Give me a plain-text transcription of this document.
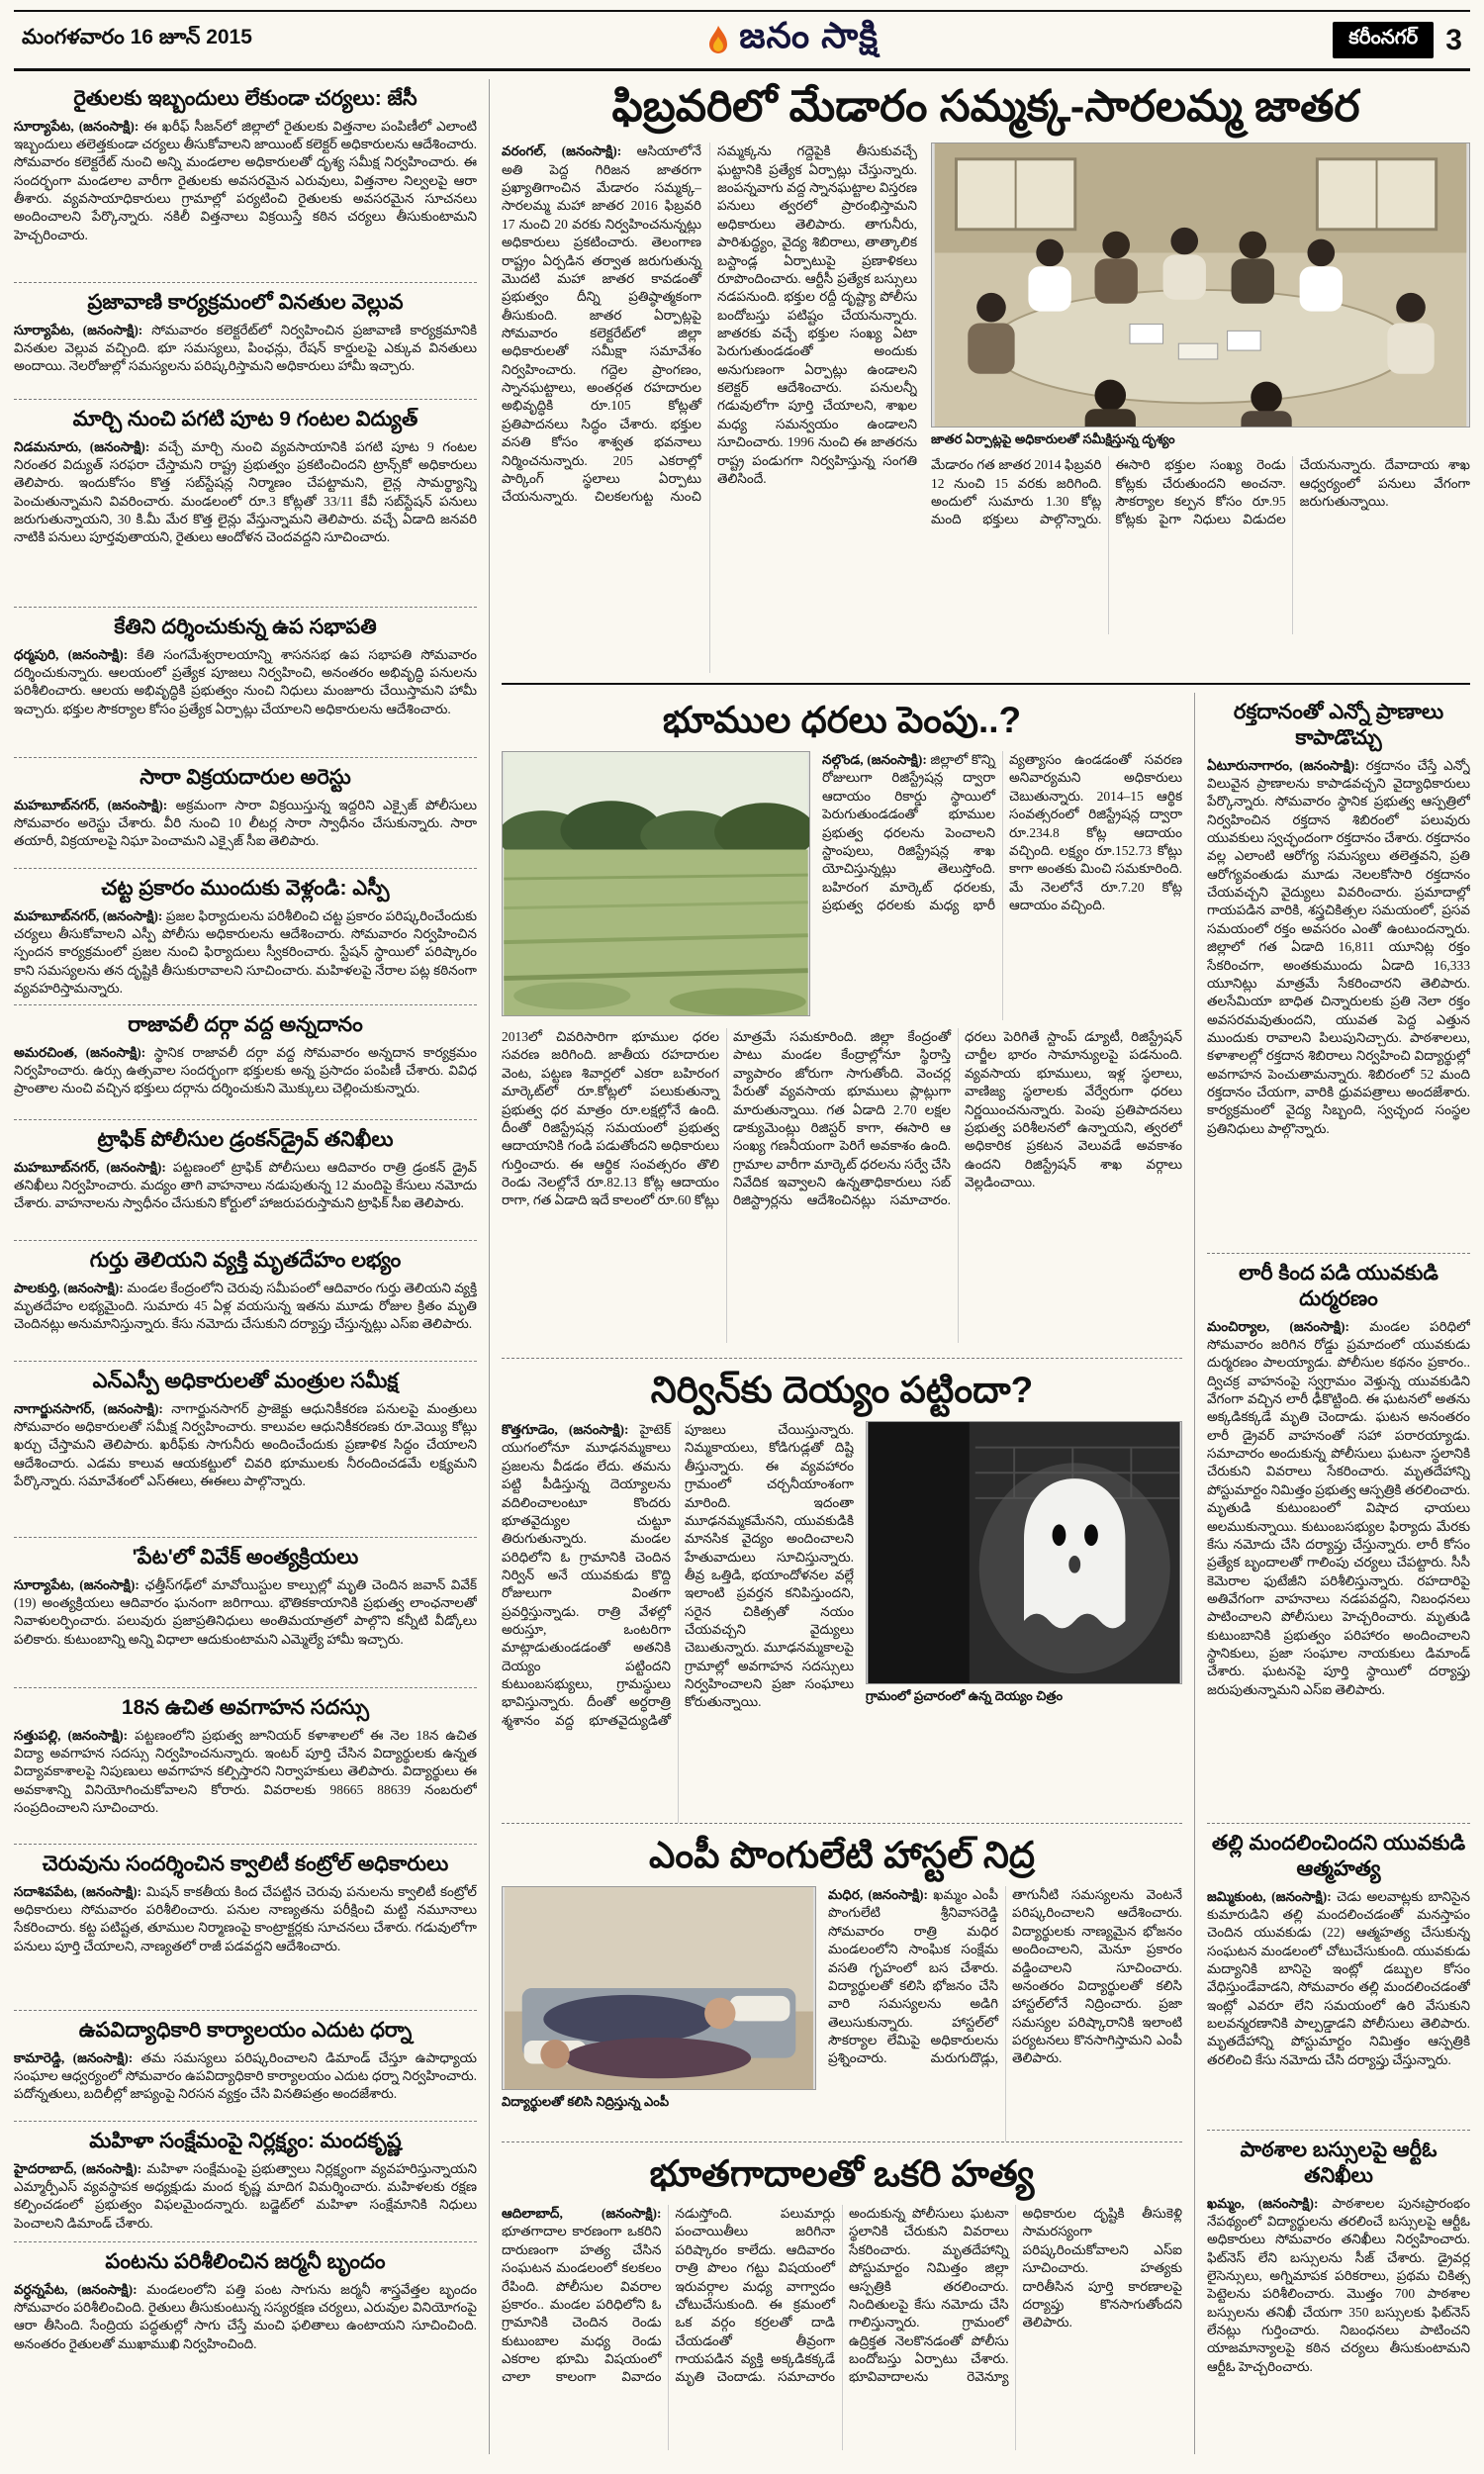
మంగళవారం 16 జూన్ 2015	జనం సాక్షి	కరీంనగర్ 3
రైతులకు ఇబ్బందులు లేకుండా చర్యలు: జేసీ

సూర్యాపేట, (జనంసాక్షి): ఈ ఖరీఫ్ సీజన్‌లో జిల్లాలో రైతులకు విత్తనాల పంపిణీలో ఎలాంటి ఇబ్బందులు తలెత్తకుండా చర్యలు తీసుకోవాలని జాయింట్ కలెక్టర్ అధికారులను ఆదేశించారు. సోమవారం కలెక్టరేట్ నుంచి అన్ని మండలాల అధికారులతో దృశ్య సమీక్ష నిర్వహించారు. ఈ సందర్భంగా మండలాల వారీగా రైతులకు అవసరమైన ఎరువులు, విత్తనాల నిల్వలపై ఆరా తీశారు. వ్యవసాయాధికారులు గ్రామాల్లో పర్యటించి రైతులకు అవసరమైన సూచనలు అందించాలని పేర్కొన్నారు. నకిలీ విత్తనాలు విక్రయిస్తే కఠిన చర్యలు తీసుకుంటామని హెచ్చరించారు.

ప్రజావాణి కార్యక్రమంలో వినతుల వెల్లువ

సూర్యాపేట, (జనంసాక్షి): సోమవారం కలెక్టరేట్‌లో నిర్వహించిన ప్రజావాణి కార్యక్రమానికి వినతుల వెల్లువ వచ్చింది. భూ సమస్యలు, పింఛన్లు, రేషన్ కార్డులపై ఎక్కువ వినతులు అందాయి. నెలరోజుల్లో సమస్యలను పరిష్కరిస్తామని అధికారులు హామీ ఇచ్చారు.

మార్చి నుంచి పగటి పూట 9 గంటల విద్యుత్

నిడమనూరు, (జనంసాక్షి): వచ్చే మార్చి నుంచి వ్యవసాయానికి పగటి పూట 9 గంటల నిరంతర విద్యుత్ సరఫరా చేస్తామని రాష్ట్ర ప్రభుత్వం ప్రకటించిందని ట్రాన్స్‌కో అధికారులు తెలిపారు. ఇందుకోసం కొత్త సబ్‌స్టేషన్ల నిర్మాణం చేపట్టామని, లైన్ల సామర్థ్యాన్ని పెంచుతున్నామని వివరించారు. మండలంలో రూ.3 కోట్లతో 33/11 కేవీ సబ్‌స్టేషన్ పనులు జరుగుతున్నాయని, 30 కి.మీ మేర కొత్త లైన్లు వేస్తున్నామని తెలిపారు. వచ్చే ఏడాది జనవరి నాటికి పనులు పూర్తవుతాయని, రైతులు ఆందోళన చెందవద్దని సూచించారు.

కేతిని దర్శించుకున్న ఉప సభాపతి

ధర్మపురి, (జనంసాక్షి): కేతి సంగమేశ్వరాలయాన్ని శాసనసభ ఉప సభాపతి సోమవారం దర్శించుకున్నారు. ఆలయంలో ప్రత్యేక పూజలు నిర్వహించి, అనంతరం అభివృద్ధి పనులను పరిశీలించారు. ఆలయ అభివృద్ధికి ప్రభుత్వం నుంచి నిధులు మంజూరు చేయిస్తామని హామీ ఇచ్చారు. భక్తుల సౌకర్యాల కోసం ప్రత్యేక ఏర్పాట్లు చేయాలని అధికారులను ఆదేశించారు.

సారా విక్రయదారుల అరెస్టు

మహబూబ్‌నగర్, (జనంసాక్షి): అక్రమంగా సారా విక్రయిస్తున్న ఇద్దరిని ఎక్సైజ్ పోలీసులు సోమవారం అరెస్టు చేశారు. వీరి నుంచి 10 లీటర్ల సారా స్వాధీనం చేసుకున్నారు. సారా తయారీ, విక్రయాలపై నిఘా పెంచామని ఎక్సైజ్ సీఐ తెలిపారు.

చట్ట ప్రకారం ముందుకు వెళ్లండి: ఎస్పీ

మహబూబ్‌నగర్, (జనంసాక్షి): ప్రజల ఫిర్యాదులను పరిశీలించి చట్ట ప్రకారం పరిష్కరించేందుకు చర్యలు తీసుకోవాలని ఎస్పీ పోలీసు అధికారులను ఆదేశించారు. సోమవారం నిర్వహించిన స్పందన కార్యక్రమంలో ప్రజల నుంచి ఫిర్యాదులు స్వీకరించారు. స్టేషన్ స్థాయిలో పరిష్కారం కాని సమస్యలను తన దృష్టికి తీసుకురావాలని సూచించారు. మహిళలపై నేరాల పట్ల కఠినంగా వ్యవహరిస్తామన్నారు.

రాజావలీ దర్గా వద్ద అన్నదానం

అమరచింత, (జనంసాక్షి): స్థానిక రాజావలీ దర్గా వద్ద సోమవారం అన్నదాన కార్యక్రమం నిర్వహించారు. ఉర్సు ఉత్సవాల సందర్భంగా భక్తులకు అన్న ప్రసాదం పంపిణీ చేశారు. వివిధ ప్రాంతాల నుంచి వచ్చిన భక్తులు దర్గాను దర్శించుకుని మొక్కులు చెల్లించుకున్నారు.

ట్రాఫిక్ పోలీసుల డ్రంకన్‌డ్రైవ్ తనిఖీలు

మహబూబ్‌నగర్, (జనంసాక్షి): పట్టణంలో ట్రాఫిక్ పోలీసులు ఆదివారం రాత్రి డ్రంకన్ డ్రైవ్ తనిఖీలు నిర్వహించారు. మద్యం తాగి వాహనాలు నడుపుతున్న 12 మందిపై కేసులు నమోదు చేశారు. వాహనాలను స్వాధీనం చేసుకుని కోర్టులో హాజరుపరుస్తామని ట్రాఫిక్ సీఐ తెలిపారు.

గుర్తు తెలియని వ్యక్తి మృతదేహం లభ్యం

పాలకుర్తి, (జనంసాక్షి): మండల కేంద్రంలోని చెరువు సమీపంలో ఆదివారం గుర్తు తెలియని వ్యక్తి మృతదేహం లభ్యమైంది. సుమారు 45 ఏళ్ల వయసున్న ఇతను మూడు రోజుల క్రితం మృతి చెందినట్లు అనుమానిస్తున్నారు. కేసు నమోదు చేసుకుని దర్యాప్తు చేస్తున్నట్లు ఎస్ఐ తెలిపారు.

ఎన్ఎస్పీ అధికారులతో మంత్రుల సమీక్ష

నాగార్జునసాగర్, (జనంసాక్షి): నాగార్జునసాగర్ ప్రాజెక్టు ఆధునికీకరణ పనులపై మంత్రులు సోమవారం అధికారులతో సమీక్ష నిర్వహించారు. కాలువల ఆధునికీకరణకు రూ.వెయ్యి కోట్లు ఖర్చు చేస్తామని తెలిపారు. ఖరీఫ్‌కు సాగునీరు అందించేందుకు ప్రణాళిక సిద్ధం చేయాలని ఆదేశించారు. ఎడమ కాలువ ఆయకట్టులో చివరి భూములకు నీరందించడమే లక్ష్యమని పేర్కొన్నారు. సమావేశంలో ఎస్ఈలు, ఈఈలు పాల్గొన్నారు.

'పేట'లో వివేక్ అంత్యక్రియలు

సూర్యాపేట, (జనంసాక్షి): ఛత్తీస్‌గఢ్‌లో మావోయిస్టుల కాల్పుల్లో మృతి చెందిన జవాన్ వివేక్ (19) అంత్యక్రియలు ఆదివారం ఘనంగా జరిగాయి. భౌతికకాయానికి ప్రభుత్వ లాంఛనాలతో నివాళులర్పించారు. పలువురు ప్రజాప్రతినిధులు అంతిమయాత్రలో పాల్గొని కన్నీటి వీడ్కోలు పలికారు. కుటుంబాన్ని అన్ని విధాలా ఆదుకుంటామని ఎమ్మెల్యే హామీ ఇచ్చారు.

18న ఉచిత అవగాహన సదస్సు

సత్తుపల్లి, (జనంసాక్షి): పట్టణంలోని ప్రభుత్వ జూనియర్ కళాశాలలో ఈ నెల 18న ఉచిత విద్యా అవగాహన సదస్సు నిర్వహించనున్నారు. ఇంటర్ పూర్తి చేసిన విద్యార్థులకు ఉన్నత విద్యావకాశాలపై నిపుణులు అవగాహన కల్పిస్తారని నిర్వాహకులు తెలిపారు. విద్యార్థులు ఈ అవకాశాన్ని వినియోగించుకోవాలని కోరారు. వివరాలకు 98665 88639 నంబరులో సంప్రదించాలని సూచించారు.

చెరువును సందర్శించిన క్వాలిటీ కంట్రోల్ అధికారులు

సదాశివపేట, (జనంసాక్షి): మిషన్ కాకతీయ కింద చేపట్టిన చెరువు పనులను క్వాలిటీ కంట్రోల్ అధికారులు సోమవారం పరిశీలించారు. పనుల నాణ్యతను పరీక్షించి మట్టి నమూనాలు సేకరించారు. కట్ట పటిష్టత, తూముల నిర్మాణంపై కాంట్రాక్టర్లకు సూచనలు చేశారు. గడువులోగా పనులు పూర్తి చేయాలని, నాణ్యతలో రాజీ పడవద్దని ఆదేశించారు.

ఉపవిద్యాధికారి కార్యాలయం ఎదుట ధర్నా

కామారెడ్డి, (జనంసాక్షి): తమ సమస్యలు పరిష్కరించాలని డిమాండ్ చేస్తూ ఉపాధ్యాయ సంఘాల ఆధ్వర్యంలో సోమవారం ఉపవిద్యాధికారి కార్యాలయం ఎదుట ధర్నా నిర్వహించారు. పదోన్నతులు, బదిలీల్లో జాప్యంపై నిరసన వ్యక్తం చేసి వినతిపత్రం అందజేశారు.

మహిళా సంక్షేమంపై నిర్లక్ష్యం: మందకృష్ణ

హైదరాబాద్, (జనంసాక్షి): మహిళా సంక్షేమంపై ప్రభుత్వాలు నిర్లక్ష్యంగా వ్యవహరిస్తున్నాయని ఎమ్మార్పీఎస్ వ్యవస్థాపక అధ్యక్షుడు మంద కృష్ణ మాదిగ విమర్శించారు. మహిళలకు రక్షణ కల్పించడంలో ప్రభుత్వం విఫలమైందన్నారు. బడ్జెట్‌లో మహిళా సంక్షేమానికి నిధులు పెంచాలని డిమాండ్ చేశారు.

పంటను పరిశీలించిన జర్మనీ బృందం

వర్ధన్నపేట, (జనంసాక్షి): మండలంలోని పత్తి పంట సాగును జర్మనీ శాస్త్రవేత్తల బృందం సోమవారం పరిశీలించింది. రైతులు తీసుకుంటున్న సస్యరక్షణ చర్యలు, ఎరువుల వినియోగంపై ఆరా తీసింది. సేంద్రియ పద్ధతుల్లో సాగు చేస్తే మంచి ఫలితాలు ఉంటాయని సూచించింది. అనంతరం రైతులతో ముఖాముఖి నిర్వహించింది.

ఫిబ్రవరిలో మేడారం సమ్మక్క-సారలమ్మ జాతర

వరంగల్, (జనంసాక్షి): ఆసియాలోనే అతి పెద్ద గిరిజన జాతరగా ప్రఖ్యాతిగాంచిన మేడారం సమ్మక్క–సారలమ్మ మహా జాతర 2016 ఫిబ్రవరి 17 నుంచి 20 వరకు నిర్వహించనున్నట్లు అధికారులు ప్రకటించారు. తెలంగాణ రాష్ట్రం ఏర్పడిన తర్వాత జరుగుతున్న మొదటి మహా జాతర కావడంతో ప్రభుత్వం దీన్ని ప్రతిష్ఠాత్మకంగా తీసుకుంది. జాతర ఏర్పాట్లపై సోమవారం కలెక్టరేట్‌లో జిల్లా అధికారులతో సమీక్షా సమావేశం నిర్వహించారు. గద్దెల ప్రాంగణం, స్నానఘట్టాలు, అంతర్గత రహదారుల అభివృద్ధికి రూ.105 కోట్లతో ప్రతిపాదనలు సిద్ధం చేశారు. భక్తుల వసతి కోసం శాశ్వత భవనాలు నిర్మించనున్నారు. 205 ఎకరాల్లో పార్కింగ్ స్థలాలు ఏర్పాటు చేయనున్నారు. చిలకలగుట్ట నుంచి సమ్మక్కను గద్దెపైకి తీసుకువచ్చే ఘట్టానికి ప్రత్యేక ఏర్పాట్లు చేస్తున్నారు. జంపన్నవాగు వద్ద స్నానఘట్టాల విస్తరణ పనులు త్వరలో ప్రారంభిస్తామని అధికారులు తెలిపారు. తాగునీరు, పారిశుద్ధ్యం, వైద్య శిబిరాలు, తాత్కాలిక బస్టాండ్ల ఏర్పాటుపై ప్రణాళికలు రూపొందించారు. ఆర్టీసీ ప్రత్యేక బస్సులు నడపనుంది. భక్తుల రద్దీ దృష్ట్యా పోలీసు బందోబస్తు పటిష్టం చేయనున్నారు. జాతరకు వచ్చే భక్తుల సంఖ్య ఏటా పెరుగుతుండడంతో అందుకు అనుగుణంగా ఏర్పాట్లు ఉండాలని కలెక్టర్ ఆదేశించారు. పనులన్నీ గడువులోగా పూర్తి చేయాలని, శాఖల మధ్య సమన్వయం ఉండాలని సూచించారు. 1996 నుంచి ఈ జాతరను రాష్ట్ర పండుగగా నిర్వహిస్తున్న సంగతి తెలిసిందే.

జాతర ఏర్పాట్లపై అధికారులతో సమీక్షిస్తున్న దృశ్యం
మేడారం గత జాతర 2014 ఫిబ్రవరి 12 నుంచి 15 వరకు జరిగింది. అందులో సుమారు 1.30 కోట్ల మంది భక్తులు పాల్గొన్నారు. ఈసారి భక్తుల సంఖ్య రెండు కోట్లకు చేరుతుందని అంచనా. సౌకర్యాల కల్పన కోసం రూ.95 కోట్లకు పైగా నిధులు విడుదల చేయనున్నారు. దేవాదాయ శాఖ ఆధ్వర్యంలో పనులు వేగంగా జరుగుతున్నాయి.
భూముల ధరలు పెంపు..?

నల్గొండ, (జనంసాక్షి): జిల్లాలో కొన్ని రోజులుగా రిజిస్ట్రేషన్ల ద్వారా ఆదాయం రికార్డు స్థాయిలో పెరుగుతుండడంతో భూముల ప్రభుత్వ ధరలను పెంచాలని స్టాంపులు, రిజిస్ట్రేషన్ల శాఖ యోచిస్తున్నట్లు తెలుస్తోంది. బహిరంగ మార్కెట్ ధరలకు, ప్రభుత్వ ధరలకు మధ్య భారీ వ్యత్యాసం ఉండడంతో సవరణ అనివార్యమని అధికారులు చెబుతున్నారు. 2014–15 ఆర్థిక సంవత్సరంలో రిజిస్ట్రేషన్ల ద్వారా రూ.234.8 కోట్ల ఆదాయం వచ్చింది. లక్ష్యం రూ.152.73 కోట్లు కాగా అంతకు మించి సమకూరింది. మే నెలలోనే రూ.7.20 కోట్ల ఆదాయం వచ్చింది.

2013లో చివరిసారిగా భూముల ధరల సవరణ జరిగింది. జాతీయ రహదారుల వెంట, పట్టణ శివార్లలో ఎకరా బహిరంగ మార్కెట్‌లో రూ.కోట్లలో పలుకుతున్నా ప్రభుత్వ ధర మాత్రం రూ.లక్షల్లోనే ఉంది. దీంతో రిజిస్ట్రేషన్ల సమయంలో ప్రభుత్వ ఆదాయానికి గండి పడుతోందని అధికారులు గుర్తించారు. ఈ ఆర్థిక సంవత్సరం తొలి రెండు నెలల్లోనే రూ.82.13 కోట్ల ఆదాయం రాగా, గత ఏడాది ఇదే కాలంలో రూ.60 కోట్లు మాత్రమే సమకూరింది. జిల్లా కేంద్రంతో పాటు మండల కేంద్రాల్లోనూ స్థిరాస్తి వ్యాపారం జోరుగా సాగుతోంది. వెంచర్ల పేరుతో వ్యవసాయ భూములు ప్లాట్లుగా మారుతున్నాయి. గత ఏడాది 2.70 లక్షల డాక్యుమెంట్లు రిజిస్టర్ కాగా, ఈసారి ఆ సంఖ్య గణనీయంగా పెరిగే అవకాశం ఉంది. గ్రామాల వారీగా మార్కెట్ ధరలను సర్వే చేసి నివేదిక ఇవ్వాలని ఉన్నతాధికారులు సబ్ రిజిస్ట్రార్లను ఆదేశించినట్లు సమాచారం. ధరలు పెరిగితే స్టాంప్ డ్యూటీ, రిజిస్ట్రేషన్ చార్జీల భారం సామాన్యులపై పడనుంది. వ్యవసాయ భూములు, ఇళ్ల స్థలాలు, వాణిజ్య స్థలాలకు వేర్వేరుగా ధరలు నిర్ణయించనున్నారు. పెంపు ప్రతిపాదనలు ప్రభుత్వ పరిశీలనలో ఉన్నాయని, త్వరలో అధికారిక ప్రకటన వెలువడే అవకాశం ఉందని రిజిస్ట్రేషన్ శాఖ వర్గాలు వెల్లడించాయి.
నిర్విన్‌కు దెయ్యం పట్టిందా?

కొత్తగూడెం, (జనంసాక్షి): హైటెక్ యుగంలోనూ మూఢనమ్మకాలు ప్రజలను వీడడం లేదు. తమను పట్టి పీడిస్తున్న దెయ్యాలను వదిలించాలంటూ కొందరు భూతవైద్యుల చుట్టూ తిరుగుతున్నారు. మండల పరిధిలోని ఓ గ్రామానికి చెందిన నిర్విన్ అనే యువకుడు కొద్ది రోజులుగా వింతగా ప్రవర్తిస్తున్నాడు. రాత్రి వేళల్లో అరుస్తూ, ఒంటరిగా మాట్లాడుతుండడంతో అతనికి దెయ్యం పట్టిందని కుటుంబసభ్యులు, గ్రామస్థులు భావిస్తున్నారు. దీంతో అర్ధరాత్రి శ్మశానం వద్ద భూతవైద్యుడితో పూజలు చేయిస్తున్నారు. నిమ్మకాయలు, కోడిగుడ్లతో దిష్టి తీస్తున్నారు. ఈ వ్యవహారం గ్రామంలో చర్చనీయాంశంగా మారింది. ఇదంతా మూఢనమ్మకమేనని, యువకుడికి మానసిక వైద్యం అందించాలని హేతువాదులు సూచిస్తున్నారు. తీవ్ర ఒత్తిడి, భయాందోళనల వల్లే ఇలాంటి ప్రవర్తన కనిపిస్తుందని, సరైన చికిత్సతో నయం చేయవచ్చని వైద్యులు చెబుతున్నారు. మూఢనమ్మకాలపై గ్రామాల్లో అవగాహన సదస్సులు నిర్వహించాలని ప్రజా సంఘాలు కోరుతున్నాయి.	గ్రామంలో ప్రచారంలో ఉన్న దెయ్యం చిత్రం
ఎంపీ పొంగులేటి హాస్టల్ నిద్ర
విద్యార్థులతో కలిసి నిద్రిస్తున్న ఎంపీ

మధిర, (జనంసాక్షి): ఖమ్మం ఎంపీ పొంగులేటి శ్రీనివాసరెడ్డి సోమవారం రాత్రి మధిర మండలంలోని సాంఘిక సంక్షేమ వసతి గృహంలో బస చేశారు. విద్యార్థులతో కలిసి భోజనం చేసి వారి సమస్యలను అడిగి తెలుసుకున్నారు. హాస్టల్‌లో సౌకర్యాల లేమిపై అధికారులను ప్రశ్నించారు. మరుగుదొడ్లు, తాగునీటి సమస్యలను వెంటనే పరిష్కరించాలని ఆదేశించారు. విద్యార్థులకు నాణ్యమైన భోజనం అందించాలని, మెనూ ప్రకారం వడ్డించాలని సూచించారు. అనంతరం విద్యార్థులతో కలిసి హాస్టల్‌లోనే నిద్రించారు. ప్రజా సమస్యల పరిష్కారానికి ఇలాంటి పర్యటనలు కొనసాగిస్తామని ఎంపీ తెలిపారు.

భూతగాదాలతో ఒకరి హత్య
ఆదిలాబాద్, (జనంసాక్షి): భూతగాదాల కారణంగా ఒకరిని దారుణంగా హత్య చేసిన సంఘటన మండలంలో కలకలం రేపింది. పోలీసుల వివరాల ప్రకారం.. మండల పరిధిలోని ఓ గ్రామానికి చెందిన రెండు కుటుంబాల మధ్య రెండు ఎకరాల భూమి విషయంలో చాలా కాలంగా వివాదం నడుస్తోంది. పలుమార్లు పంచాయితీలు జరిగినా పరిష్కారం కాలేదు. ఆదివారం రాత్రి పొలం గట్టు విషయంలో ఇరువర్గాల మధ్య వాగ్వాదం చోటుచేసుకుంది. ఈ క్రమంలో ఒక వర్గం కర్రలతో దాడి చేయడంతో తీవ్రంగా గాయపడిన వ్యక్తి అక్కడికక్కడే మృతి చెందాడు. సమాచారం అందుకున్న పోలీసులు ఘటనా స్థలానికి చేరుకుని వివరాలు సేకరించారు. మృతదేహాన్ని పోస్టుమార్టం నిమిత్తం జిల్లా ఆస్పత్రికి తరలించారు. నిందితులపై కేసు నమోదు చేసి గాలిస్తున్నారు. గ్రామంలో ఉద్రిక్తత నెలకొనడంతో పోలీసు బందోబస్తు ఏర్పాటు చేశారు. భూవివాదాలను రెవెన్యూ అధికారుల దృష్టికి తీసుకెళ్లి సామరస్యంగా పరిష్కరించుకోవాలని ఎస్ఐ సూచించారు. హత్యకు దారితీసిన పూర్తి కారణాలపై దర్యాప్తు కొనసాగుతోందని తెలిపారు.
రక్తదానంతో ఎన్నో ప్రాణాలు కాపాడొచ్చు

ఏటూరునాగారం, (జనంసాక్షి): రక్తదానం చేస్తే ఎన్నో విలువైన ప్రాణాలను కాపాడవచ్చని వైద్యాధికారులు పేర్కొన్నారు. సోమవారం స్థానిక ప్రభుత్వ ఆస్పత్రిలో నిర్వహించిన రక్తదాన శిబిరంలో పలువురు యువకులు స్వచ్ఛందంగా రక్తదానం చేశారు. రక్తదానం వల్ల ఎలాంటి ఆరోగ్య సమస్యలు తలెత్తవని, ప్రతి ఆరోగ్యవంతుడు మూడు నెలలకోసారి రక్తదానం చేయవచ్చని వైద్యులు వివరించారు. ప్రమాదాల్లో గాయపడిన వారికి, శస్త్రచికిత్సల సమయంలో, ప్రసవ సమయంలో రక్తం అవసరం ఎంతో ఉంటుందన్నారు. జిల్లాలో గత ఏడాది 16,811 యూనిట్ల రక్తం సేకరించగా, అంతకుముందు ఏడాది 16,333 యూనిట్లు మాత్రమే సేకరించారని తెలిపారు. తలసేమియా బాధిత చిన్నారులకు ప్రతి నెలా రక్తం అవసరమవుతుందని, యువత పెద్ద ఎత్తున ముందుకు రావాలని పిలుపునిచ్చారు. పాఠశాలలు, కళాశాలల్లో రక్తదాన శిబిరాలు నిర్వహించి విద్యార్థుల్లో అవగాహన పెంచుతామన్నారు. శిబిరంలో 52 మంది రక్తదానం చేయగా, వారికి ధ్రువపత్రాలు అందజేశారు. కార్యక్రమంలో వైద్య సిబ్బంది, స్వచ్ఛంద సంస్థల ప్రతినిధులు పాల్గొన్నారు.

లారీ కింద పడి యువకుడి దుర్మరణం

మంచిర్యాల, (జనంసాక్షి): మండల పరిధిలో సోమవారం జరిగిన రోడ్డు ప్రమాదంలో యువకుడు దుర్మరణం పాలయ్యాడు. పోలీసుల కథనం ప్రకారం.. ద్విచక్ర వాహనంపై స్వగ్రామం వెళ్తున్న యువకుడిని వేగంగా వచ్చిన లారీ ఢీకొట్టింది. ఈ ఘటనలో అతను అక్కడికక్కడే మృతి చెందాడు. ఘటన అనంతరం లారీ డ్రైవర్ వాహనంతో సహా పరారయ్యాడు. సమాచారం అందుకున్న పోలీసులు ఘటనా స్థలానికి చేరుకుని వివరాలు సేకరించారు. మృతదేహాన్ని పోస్టుమార్టం నిమిత్తం ప్రభుత్వ ఆస్పత్రికి తరలించారు. మృతుడి కుటుంబంలో విషాద ఛాయలు అలముకున్నాయి. కుటుంబసభ్యుల ఫిర్యాదు మేరకు కేసు నమోదు చేసి దర్యాప్తు చేస్తున్నారు. లారీ కోసం ప్రత్యేక బృందాలతో గాలింపు చర్యలు చేపట్టారు. సీసీ కెమెరాల ఫుటేజీని పరిశీలిస్తున్నారు. రహదారిపై అతివేగంగా వాహనాలు నడపవద్దని, నిబంధనలు పాటించాలని పోలీసులు హెచ్చరించారు. మృతుడి కుటుంబానికి ప్రభుత్వం పరిహారం అందించాలని స్థానికులు, ప్రజా సంఘాల నాయకులు డిమాండ్ చేశారు. ఘటనపై పూర్తి స్థాయిలో దర్యాప్తు జరుపుతున్నామని ఎస్ఐ తెలిపారు.

తల్లి మందలించిందని యువకుడి ఆత్మహత్య

జమ్మికుంట, (జనంసాక్షి): చెడు అలవాట్లకు బానిసైన కుమారుడిని తల్లి మందలించడంతో మనస్తాపం చెందిన యువకుడు (22) ఆత్మహత్య చేసుకున్న సంఘటన మండలంలో చోటుచేసుకుంది. యువకుడు మద్యానికి బానిసై ఇంట్లో డబ్బుల కోసం వేధిస్తుండేవాడని, సోమవారం తల్లి మందలించడంతో ఇంట్లో ఎవరూ లేని సమయంలో ఉరి వేసుకుని బలవన్మరణానికి పాల్పడ్డాడని పోలీసులు తెలిపారు. మృతదేహాన్ని పోస్టుమార్టం నిమిత్తం ఆస్పత్రికి తరలించి కేసు నమోదు చేసి దర్యాప్తు చేస్తున్నారు.

పాఠశాల బస్సులపై ఆర్టీఓ తనిఖీలు

ఖమ్మం, (జనంసాక్షి): పాఠశాలల పునఃప్రారంభం నేపథ్యంలో విద్యార్థులను తరలించే బస్సులపై ఆర్టీఓ అధికారులు సోమవారం తనిఖీలు నిర్వహించారు. ఫిట్‌నెస్ లేని బస్సులను సీజ్ చేశారు. డ్రైవర్ల లైసెన్సులు, అగ్నిమాపక పరికరాలు, ప్రథమ చికిత్స పెట్టెలను పరిశీలించారు. మొత్తం 700 పాఠశాల బస్సులను తనిఖీ చేయగా 350 బస్సులకు ఫిట్‌నెస్ లేనట్లు గుర్తించారు. నిబంధనలు పాటించని యాజమాన్యాలపై కఠిన చర్యలు తీసుకుంటామని ఆర్టీఓ హెచ్చరించారు.
